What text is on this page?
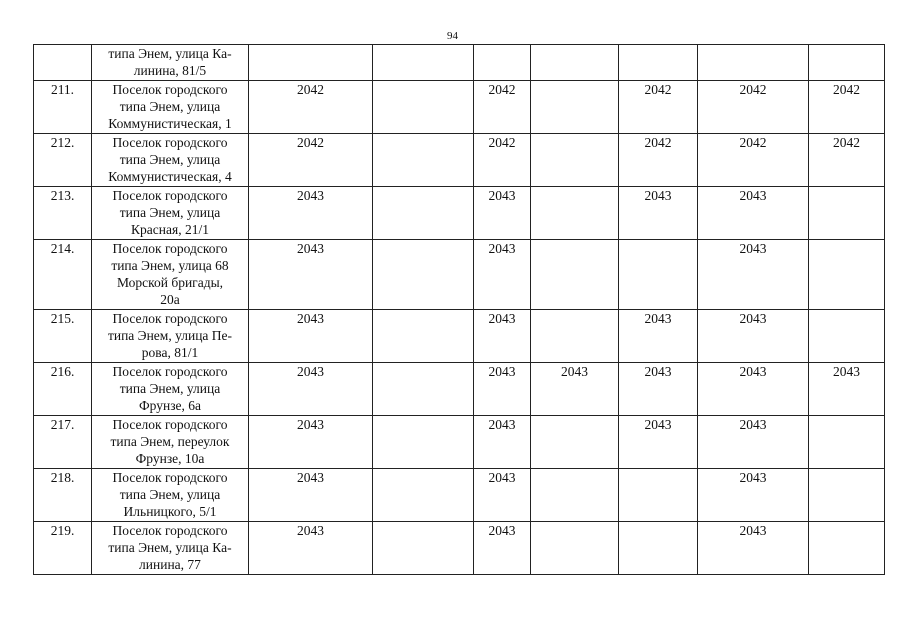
94

	типа Энем, улица Ка-
линина, 81/5							

211.	Поселок городского
типа Энем, улица
Коммунистическая, 1	2042		2042		2042	2042	2042
212.	Поселок городского
типа Энем, улица
Коммунистическая, 4	2042		2042		2042	2042	2042
213.	Поселок городского
типа Энем, улица
Красная, 21/1	2043		2043		2043	2043	
214.	Поселок городского
типа Энем, улица 68
Морской бригады,
20а	2043		2043			2043	
215.	Поселок городского
типа Энем, улица Пе-
рова, 81/1	2043		2043		2043	2043	
216.	Поселок городского
типа Энем, улица
Фрунзе, 6а	2043		2043	2043	2043	2043	2043
217.	Поселок городского
типа Энем, переулок
Фрунзе, 10а	2043		2043		2043	2043	
218.	Поселок городского
типа Энем, улица
Ильницкого, 5/1	2043		2043			2043	
219.	Поселок городского
типа Энем, улица Ка-
линина, 77	2043		2043			2043	
